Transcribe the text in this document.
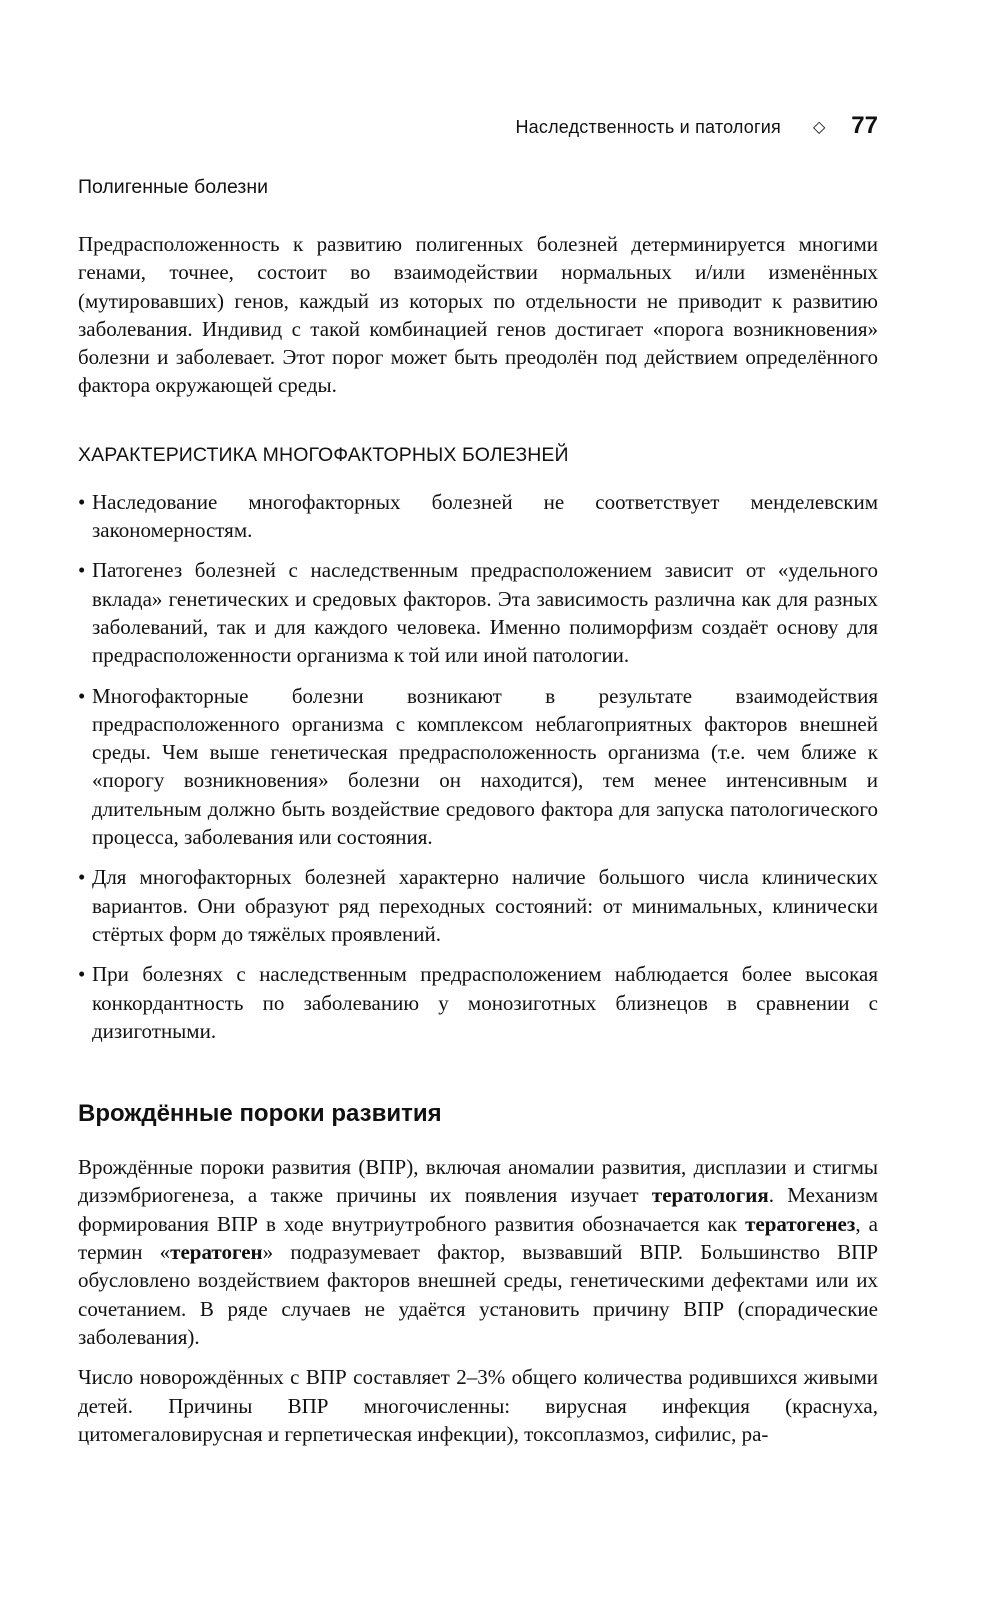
Наследственность и патология ◇ 77
Полигенные болезни

Предрасположенность к развитию полигенных болезней детерминируется многими генами, точнее, состоит во взаимодействии нормальных и/или изменённых (мутировавших) генов, каждый из которых по отдельности не приводит к развитию заболевания. Индивид с такой комбинацией генов достигает «порога возникновения» болезни и заболевает. Этот порог может быть преодолён под действием определённого фактора окружающей среды.

ХАРАКТЕРИСТИКА МНОГОФАКТОРНЫХ БОЛЕЗНЕЙ
• Наследование многофакторных болезней не соответствует менделевским закономерностям.
• Патогенез болезней с наследственным предрасположением зависит от «удельного вклада» генетических и средовых факторов. Эта зависимость различна как для разных заболеваний, так и для каждого человека. Именно полиморфизм создаёт основу для предрасположенности организма к той или иной патологии.
• Многофакторные болезни возникают в результате взаимодействия предрасположенного организма с комплексом неблагоприятных факторов внешней среды. Чем выше генетическая предрасположенность организма (т.е. чем ближе к «порогу возникновения» болезни он находится), тем менее интенсивным и длительным должно быть воздействие средового фактора для запуска патологического процесса, заболевания или состояния.
• Для многофакторных болезней характерно наличие большого числа клинических вариантов. Они образуют ряд переходных состояний: от минимальных, клинически стёртых форм до тяжёлых проявлений.
• При болезнях с наследственным предрасположением наблюдается более высокая конкордантность по заболеванию у монозиготных близнецов в сравнении с дизиготными.
Врождённые пороки развития

Врождённые пороки развития (ВПР), включая аномалии развития, дисплазии и стигмы дизэмбриогенеза, а также причины их появления изучает тератология. Механизм формирования ВПР в ходе внутриутробного развития обозначается как тератогенез, а термин «тератоген» подразумевает фактор, вызвавший ВПР. Большинство ВПР обусловлено воздействием факторов внешней среды, генетическими дефектами или их сочетанием. В ряде случаев не удаётся установить причину ВПР (спорадические заболевания).

Число новорождённых с ВПР составляет 2–3% общего количества родившихся живыми детей. Причины ВПР многочисленны: вирусная инфекция (краснуха, цитомегаловирусная и герпетическая инфекции), токсоплазмоз, сифилис, ра-
